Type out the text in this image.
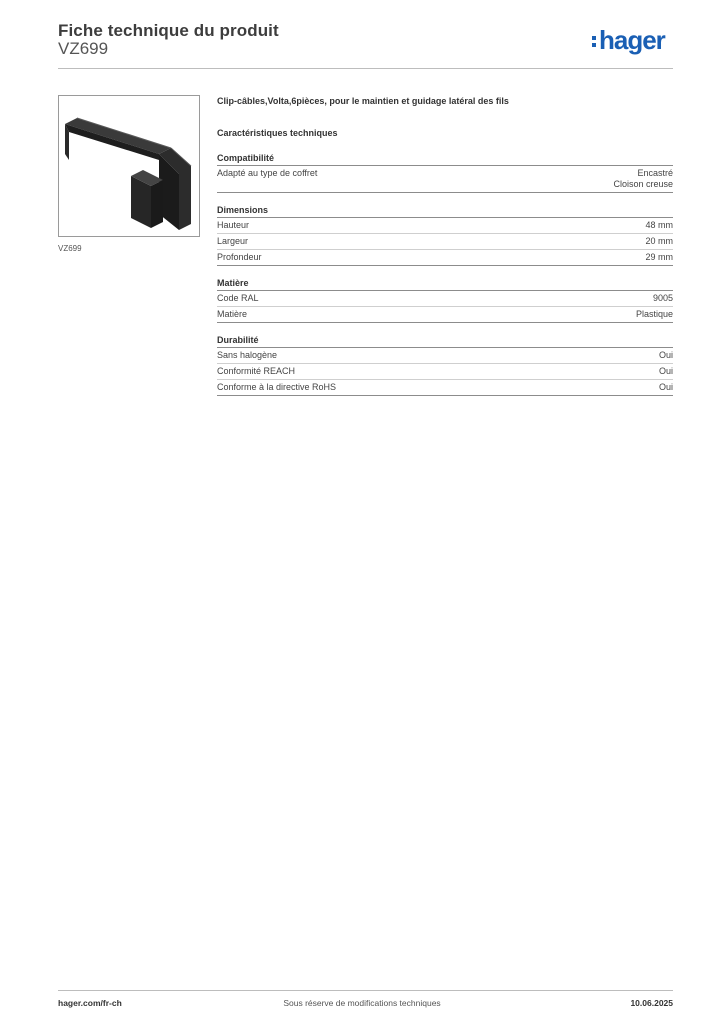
Fiche technique du produit
VZ699	hager
VZ699

Clip-câbles,Volta,6pièces, pour le maintien et guidage latéral des fils

Caractéristiques techniques
Compatibilité
Adapté au type de coffret	Encastré
Cloison creuse
Dimensions
Hauteur	48 mm
Largeur	20 mm
Profondeur	29 mm
Matière
Code RAL	9005
Matière	Plastique
Durabilité
Sans halogène	Oui
Conformité REACH	Oui
Conforme à la directive RoHS	Oui
hager.com/fr-ch	Sous réserve de modifications techniques	10.06.2025
